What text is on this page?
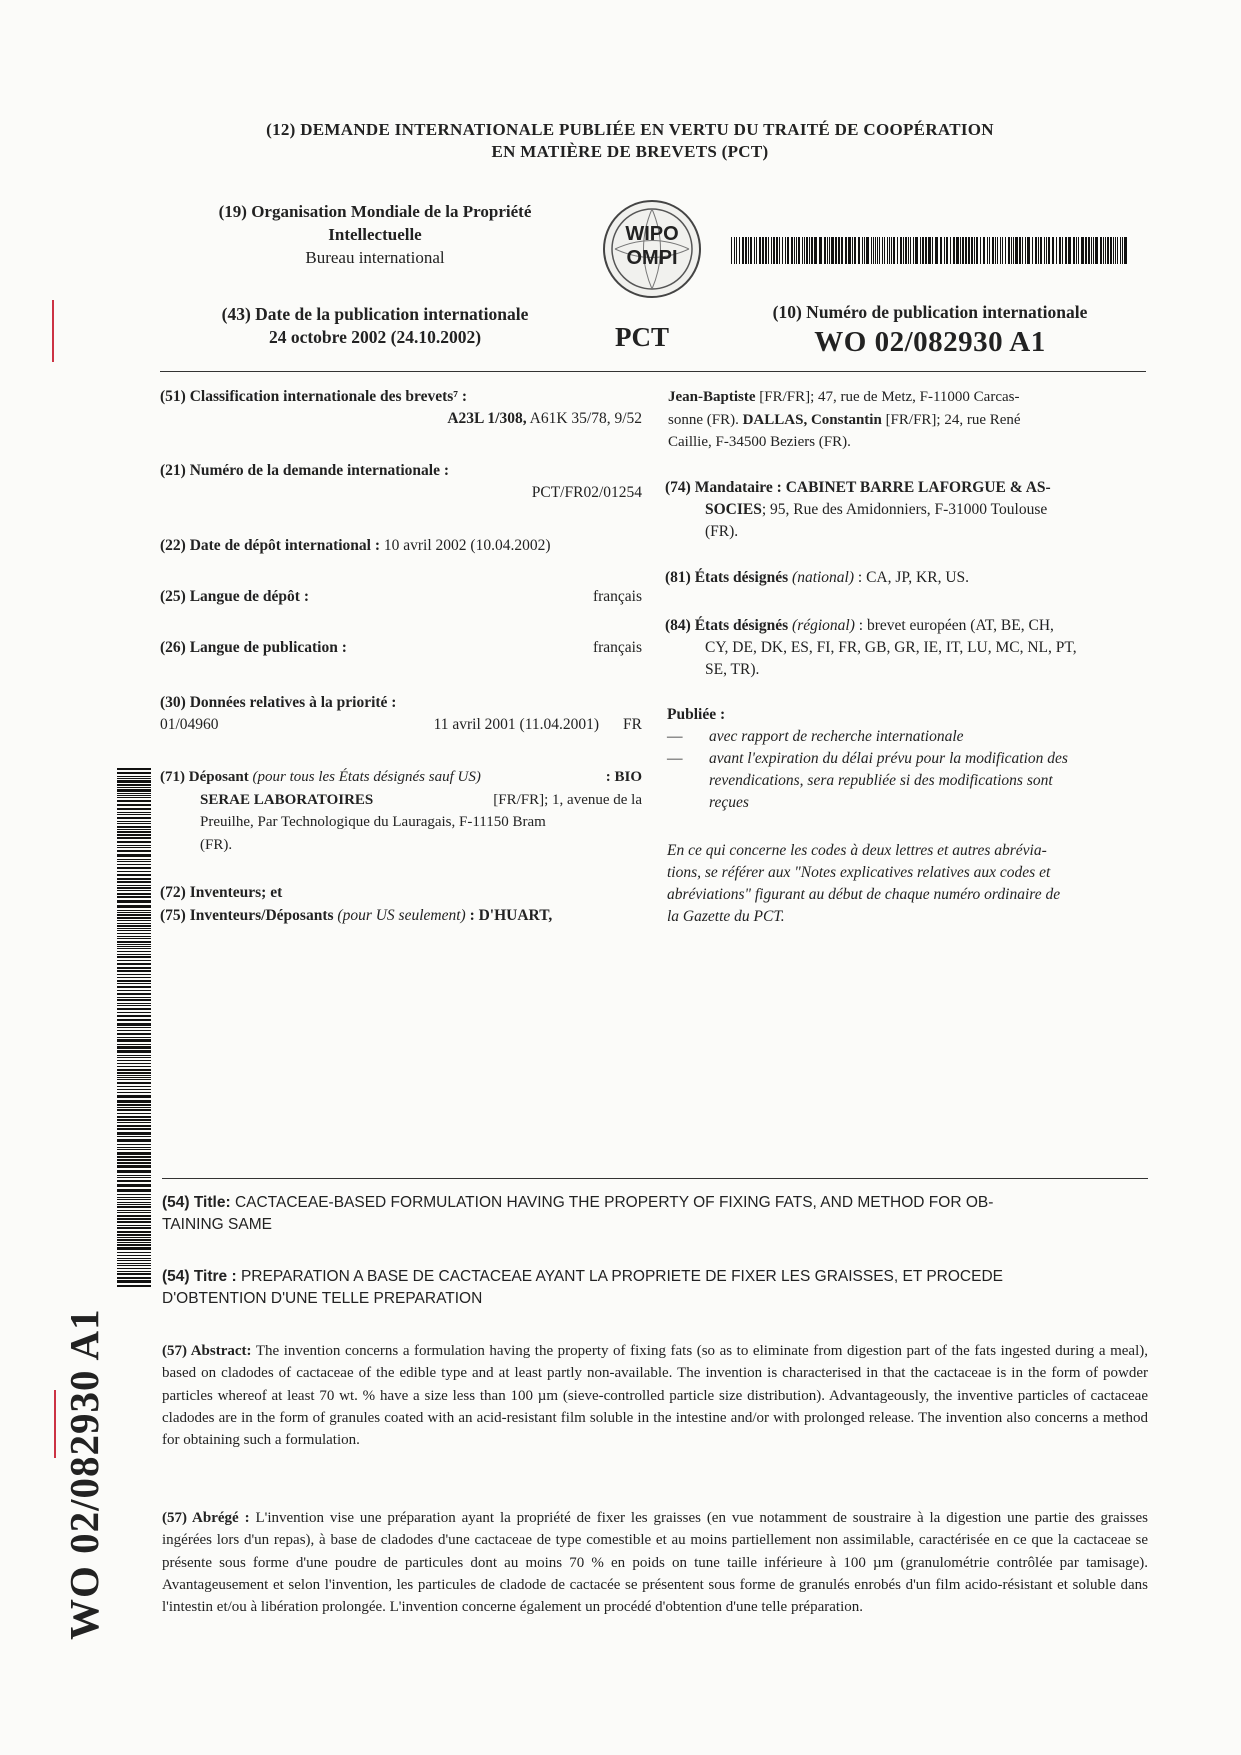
(12) DEMANDE INTERNATIONALE PUBLIÉE EN VERTU DU TRAITÉ DE COOPÉRATION
EN MATIÈRE DE BREVETS (PCT)
(19) Organisation Mondiale de la Propriété
Intellectuelle
Bureau international
WIPO
OMPI
(43) Date de la publication internationale
24 octobre 2002 (24.10.2002)	PCT
(10) Numéro de publication internationale
WO 02/082930 A1
(51) Classification internationale des brevets⁷ :
A23L 1/308, A61K 35/78, 9/52
(21) Numéro de la demande internationale :
PCT/FR02/01254
(22) Date de dépôt international : 10 avril 2002 (10.04.2002)
(25) Langue de dépôt :	français
(26) Langue de publication :	français
(30) Données relatives à la priorité :
01/04960	11 avril 2001 (11.04.2001) FR
(71) Déposant (pour tous les États désignés sauf US)	: BIO
SERAE LABORATOIRES	[FR/FR]; 1, avenue de la
Preuilhe, Par Technologique du Lauragais, F-11150 Bram
(FR).
(72) Inventeurs; et
(75) Inventeurs/Déposants (pour US seulement) : D'HUART,
Jean-Baptiste [FR/FR]; 47, rue de Metz, F-11000 Carcas-
sonne (FR). DALLAS, Constantin [FR/FR]; 24, rue René
Caillie, F-34500 Beziers (FR).
(74) Mandataire : CABINET BARRE LAFORGUE & AS-
SOCIES; 95, Rue des Amidonniers, F-31000 Toulouse
(FR).
(81) États désignés (national) : CA, JP, KR, US.
(84) États désignés (régional) : brevet européen (AT, BE, CH,
CY, DE, DK, ES, FI, FR, GB, GR, IE, IT, LU, MC, NL, PT,
SE, TR).
Publiée :
—	avec rapport de recherche internationale
—	avant l'expiration du délai prévu pour la modification des
revendications, sera republiée si des modifications sont
reçues
En ce qui concerne les codes à deux lettres et autres abrévia-
tions, se référer aux "Notes explicatives relatives aux codes et
abréviations" figurant au début de chaque numéro ordinaire de
la Gazette du PCT.
(54) Title: CACTACEAE-BASED FORMULATION HAVING THE PROPERTY OF FIXING FATS, AND METHOD FOR OB-
TAINING SAME
(54) Titre : PREPARATION A BASE DE CACTACEAE AYANT LA PROPRIETE DE FIXER LES GRAISSES, ET PROCEDE
D'OBTENTION D'UNE TELLE PREPARATION
(57) Abstract: The invention concerns a formulation having the property of fixing fats (so as to eliminate from digestion part of the fats ingested during a meal), based on cladodes of cactaceae of the edible type and at least partly non-available. The invention is characterised in that the cactaceae is in the form of powder particles whereof at least 70 wt. % have a size less than 100 µm (sieve-controlled particle size distribution). Advantageously, the inventive particles of cactaceae cladodes are in the form of granules coated with an acid-resistant film soluble in the intestine and/or with prolonged release. The invention also concerns a method for obtaining such a formulation.
(57) Abrégé : L'invention vise une préparation ayant la propriété de fixer les graisses (en vue notamment de soustraire à la digestion une partie des graisses ingérées lors d'un repas), à base de cladodes d'une cactaceae de type comestible et au moins partiellement non assimilable, caractérisée en ce que la cactaceae se présente sous forme d'une poudre de particules dont au moins 70 % en poids on tune taille inférieure à 100 µm (granulométrie contrôlée par tamisage). Avantageusement et selon l'invention, les particules de cladode de cactacée se présentent sous forme de granulés enrobés d'un film acido-résistant et soluble dans l'intestin et/ou à libération prolongée. L'invention concerne également un procédé d'obtention d'une telle préparation.
WO 02/082930 A1
